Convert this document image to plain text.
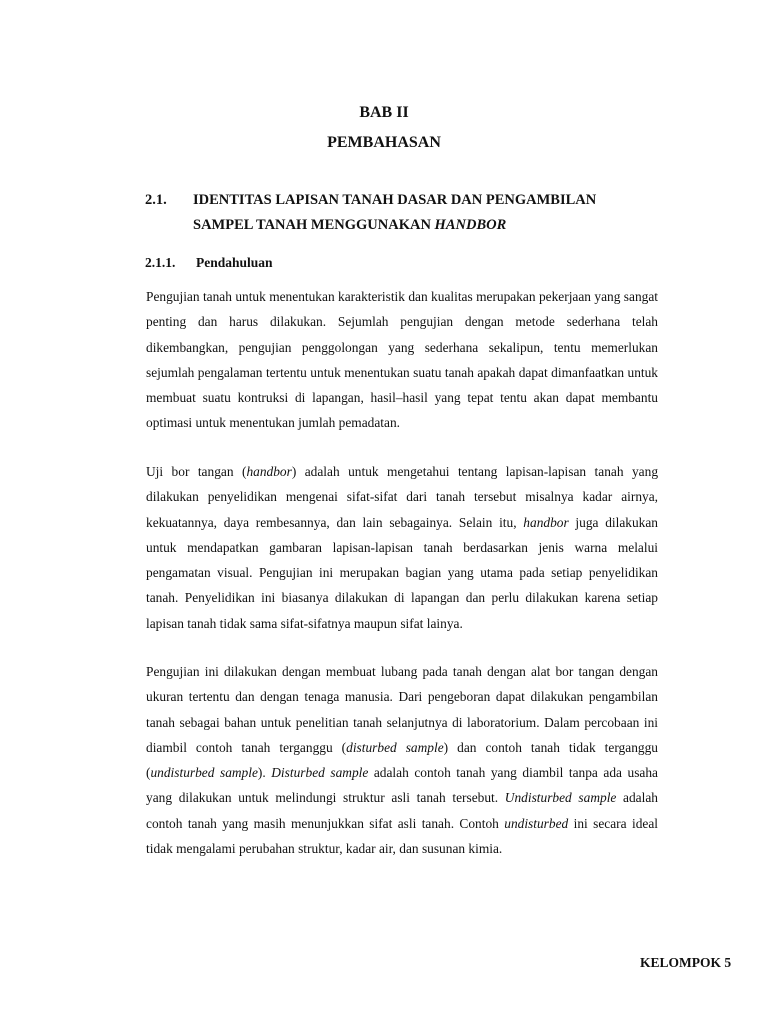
BAB II
PEMBAHASAN
2.1. IDENTITAS LAPISAN TANAH DASAR DAN PENGAMBILAN
SAMPEL TANAH MENGGUNAKAN HANDBOR
2.1.1. Pendahuluan
Pengujian tanah untuk menentukan karakteristik dan kualitas merupakan pekerjaan yang sangat penting dan harus dilakukan. Sejumlah pengujian dengan metode sederhana telah dikembangkan, pengujian penggolongan yang sederhana sekalipun, tentu memerlukan sejumlah pengalaman tertentu untuk menentukan suatu tanah apakah dapat dimanfaatkan untuk membuat suatu kontruksi di lapangan, hasil–hasil yang tepat tentu akan dapat membantu optimasi untuk menentukan jumlah pemadatan.
Uji bor tangan (handbor) adalah untuk mengetahui tentang lapisan-lapisan tanah yang dilakukan penyelidikan mengenai sifat-sifat dari tanah tersebut misalnya kadar airnya, kekuatannya, daya rembesannya, dan lain sebagainya. Selain itu, handbor juga dilakukan untuk mendapatkan gambaran lapisan-lapisan tanah berdasarkan jenis warna melalui pengamatan visual. Pengujian ini merupakan bagian yang utama pada setiap penyelidikan tanah. Penyelidikan ini biasanya dilakukan di lapangan dan perlu dilakukan karena setiap lapisan tanah tidak sama sifat-sifatnya maupun sifat lainya.
Pengujian ini dilakukan dengan membuat lubang pada tanah dengan alat bor tangan dengan ukuran tertentu dan dengan tenaga manusia. Dari pengeboran dapat dilakukan pengambilan tanah sebagai bahan untuk penelitian tanah selanjutnya di laboratorium. Dalam percobaan ini diambil contoh tanah terganggu (disturbed sample) dan contoh tanah tidak terganggu (undisturbed sample). Disturbed sample adalah contoh tanah yang diambil tanpa ada usaha yang dilakukan untuk melindungi struktur asli tanah tersebut. Undisturbed sample adalah contoh tanah yang masih menunjukkan sifat asli tanah. Contoh undisturbed ini secara ideal tidak mengalami perubahan struktur, kadar air, dan susunan kimia.
KELOMPOK 5
